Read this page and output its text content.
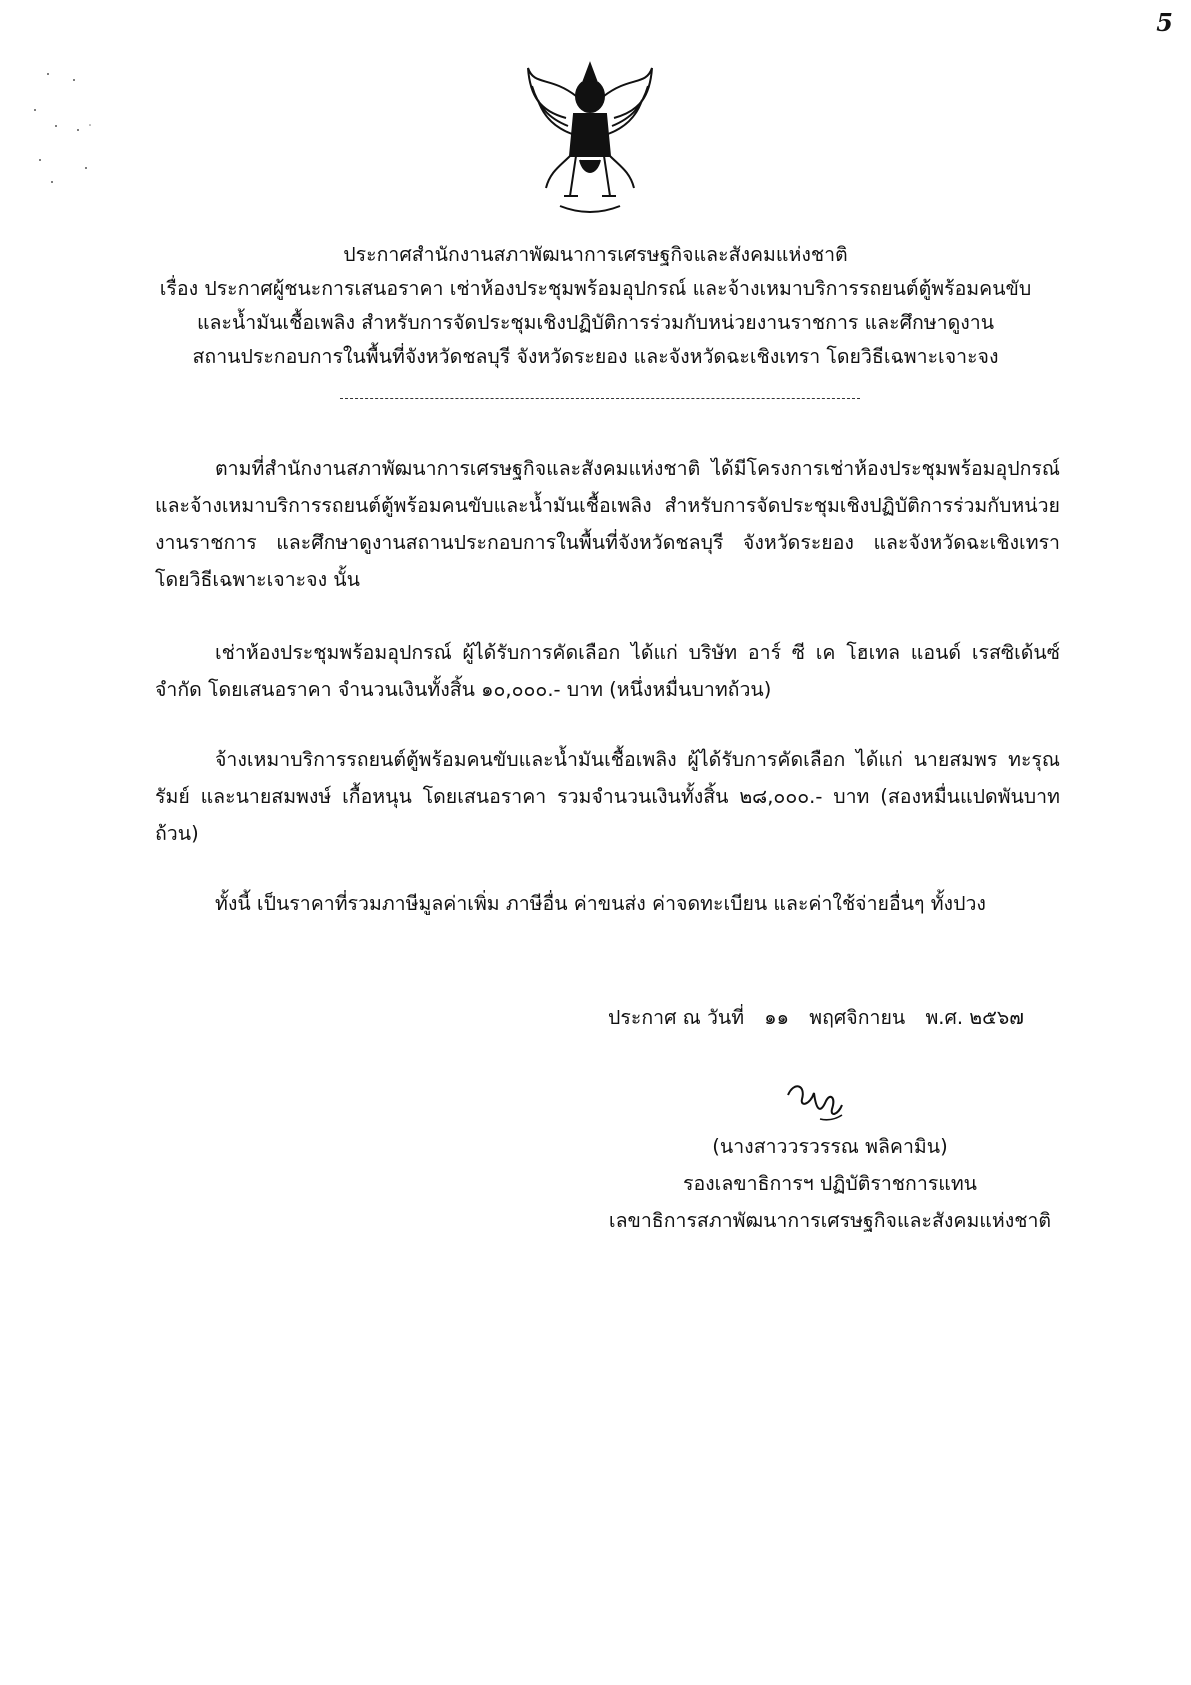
5
ประกาศสำนักงานสภาพัฒนาการเศรษฐกิจและสังคมแห่งชาติ
เรื่อง ประกาศผู้ชนะการเสนอราคา เช่าห้องประชุมพร้อมอุปกรณ์ และจ้างเหมาบริการรถยนต์ตู้พร้อมคนขับ
และน้ำมันเชื้อเพลิง สำหรับการจัดประชุมเชิงปฏิบัติการร่วมกับหน่วยงานราชการ และศึกษาดูงาน
สถานประกอบการในพื้นที่จังหวัดชลบุรี จังหวัดระยอง และจังหวัดฉะเชิงเทรา โดยวิธีเฉพาะเจาะจง

ตามที่สำนักงานสภาพัฒนาการเศรษฐกิจและสังคมแห่งชาติ ได้มีโครงการเช่าห้องประชุมพร้อมอุปกรณ์ และจ้างเหมาบริการรถยนต์ตู้พร้อมคนขับและน้ำมันเชื้อเพลิง สำหรับการจัดประชุมเชิงปฏิบัติการร่วมกับหน่วยงานราชการ และศึกษาดูงานสถานประกอบการในพื้นที่จังหวัดชลบุรี จังหวัดระยอง และจังหวัดฉะเชิงเทรา โดยวิธีเฉพาะเจาะจง นั้น

เช่าห้องประชุมพร้อมอุปกรณ์ ผู้ได้รับการคัดเลือก ได้แก่ บริษัท อาร์ ซี เค โฮเทล แอนด์ เรสซิเด้นซ์ จำกัด โดยเสนอราคา จำนวนเงินทั้งสิ้น ๑๐,๐๐๐.- บาท (หนึ่งหมื่นบาทถ้วน)

จ้างเหมาบริการรถยนต์ตู้พร้อมคนขับและน้ำมันเชื้อเพลิง ผู้ได้รับการคัดเลือก ได้แก่ นายสมพร ทะรุณรัมย์ และนายสมพงษ์ เกื้อหนุน โดยเสนอราคา รวมจำนวนเงินทั้งสิ้น ๒๘,๐๐๐.- บาท (สองหมื่นแปดพันบาทถ้วน)

ทั้งนี้ เป็นราคาที่รวมภาษีมูลค่าเพิ่ม ภาษีอื่น ค่าขนส่ง ค่าจดทะเบียน และค่าใช้จ่ายอื่นๆ ทั้งปวง

ประกาศ ณ วันที่ ๑๑ พฤศจิกายน พ.ศ. ๒๕๖๗
(นางสาววรวรรณ พลิคามิน)
รองเลขาธิการฯ ปฏิบัติราชการแทน
เลขาธิการสภาพัฒนาการเศรษฐกิจและสังคมแห่งชาติ
